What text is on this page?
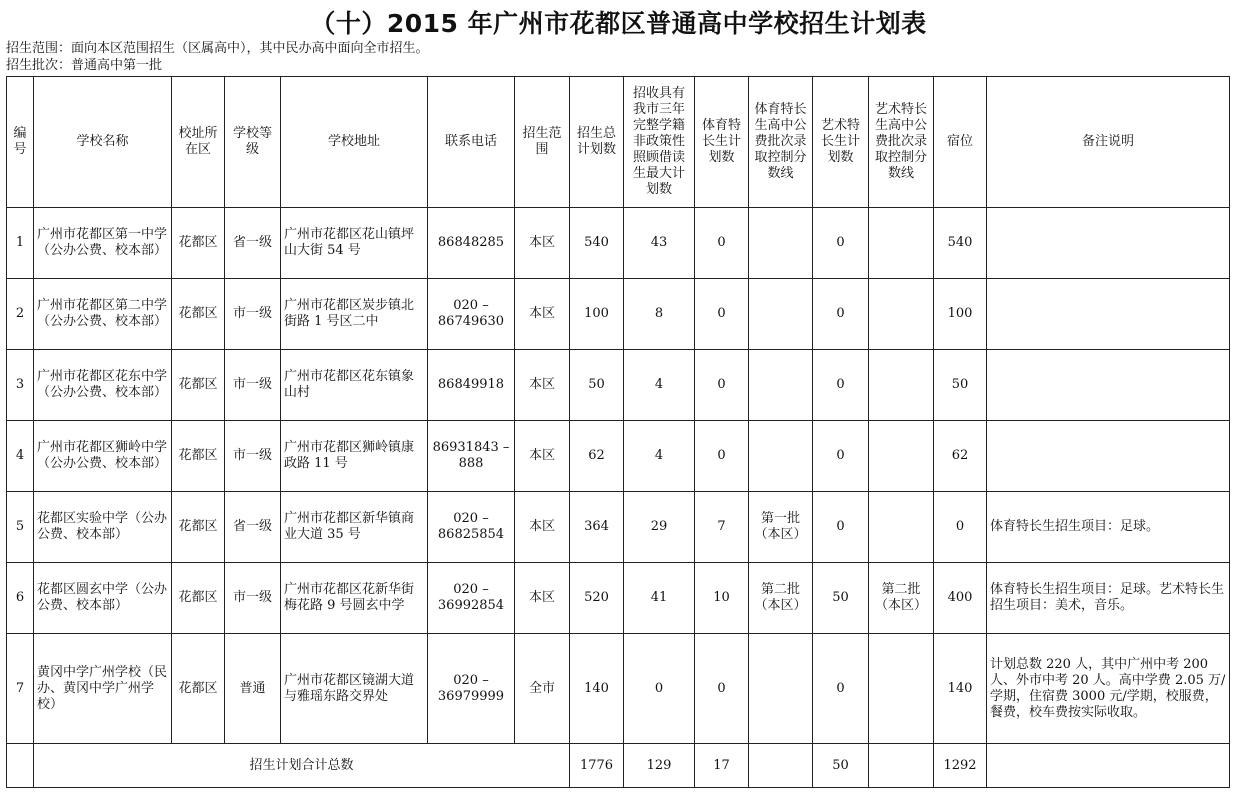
（十）2015 年广州市花都区普通高中学校招生计划表
招生范围：面向本区范围招生（区属高中），其中民办高中面向全市招生。
招生批次：普通高中第一批
编号	学校名称	校址所在区	学校等级	学校地址	联系电话	招生范围	招生总计划数	招收具有我市三年完整学籍非政策性照顾借读生最大计划数	体育特长生计划数	体育特长生高中公费批次录取控制分数线	艺术特长生计划数	艺术特长生高中公费批次录取控制分数线	宿位	备注说明
1	广州市花都区第一中学（公办公费、校本部）	花都区	省一级	广州市花都区花山镇坪山大街 54 号	86848285	本区	540	43	0		0		540	
2	广州市花都区第二中学（公办公费、校本部）	花都区	市一级	广州市花都区炭步镇北街路 1 号区二中	020 – 86749630	本区	100	8	0		0		100	
3	广州市花都区花东中学（公办公费、校本部）	花都区	市一级	广州市花都区花东镇象山村	86849918	本区	50	4	0		0		50	
4	广州市花都区狮岭中学（公办公费、校本部）	花都区	市一级	广州市花都区狮岭镇康政路 11 号	86931843 – 888	本区	62	4	0		0		62	
5	花都区实验中学（公办公费、校本部）	花都区	省一级	广州市花都区新华镇商业大道 35 号	020 – 86825854	本区	364	29	7	第一批（本区）	0		0	体育特长生招生项目：足球。
6	花都区圆玄中学（公办公费、校本部）	花都区	市一级	广州市花都区花新华街梅花路 9 号圆玄中学	020 – 36992854	本区	520	41	10	第二批（本区）	50	第二批（本区）	400	体育特长生招生项目：足球。艺术特长生招生项目：美术，音乐。
7	黄冈中学广州学校（民办、黄冈中学广州学校）	花都区	普通	广州市花都区镜湖大道与雅瑶东路交界处	020 – 36979999	全市	140	0	0		0		140	计划总数 220 人，其中广州中考 200 人、外市中考 20 人。高中学费 2.05 万/学期，住宿费 3000 元/学期，校服费，餐费，校车费按实际收取。
	招生计划合计总数						1776	129	17		50		1292	
